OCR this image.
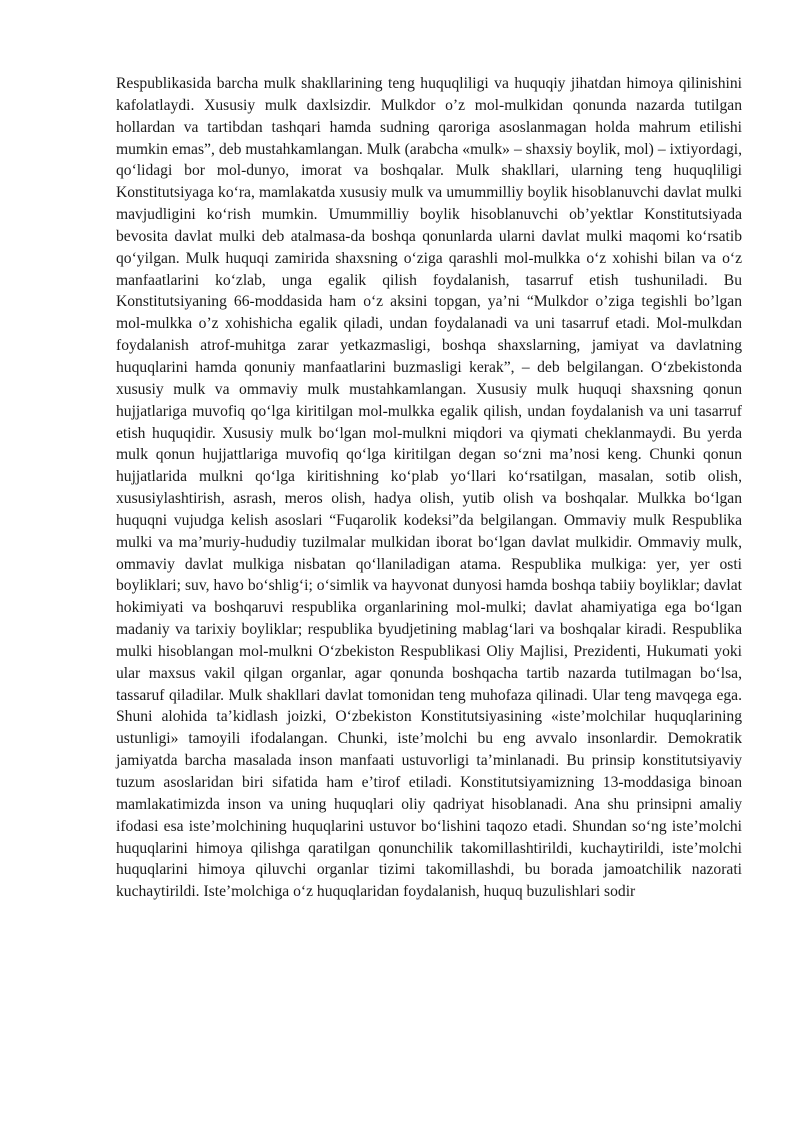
Respublikasida barcha mulk shakllarining teng huquqliligi va huquqiy jihatdan himoya qilinishini kafolatlaydi. Xususiy mulk daxlsizdir. Mulkdor o’z mol-mulkidan qonunda nazarda tutilgan hollardan va tartibdan tashqari hamda sudning qaroriga asoslanmagan holda mahrum etilishi mumkin emas”, deb mustahkamlangan. Mulk (arabcha «mulk» – shaxsiy boylik, mol) – ixtiyordagi, qo‘lidagi bor mol-dunyo, imorat va boshqalar. Mulk shakllari, ularning teng huquqliligi Konstitutsiyaga ko‘ra, mamlakatda xususiy mulk va umummilliy boylik hisoblanuvchi davlat mulki mavjudligini ko‘rish mumkin. Umummilliy boylik hisoblanuvchi ob’yektlar Konstitutsiyada bevosita davlat mulki deb atalmasa-da boshqa qonunlarda ularni davlat mulki maqomi ko‘rsatib qo‘yilgan. Mulk huquqi zamirida shaxsning o‘ziga qarashli mol-mulkka o‘z xohishi bilan va o‘z manfaatlarini ko‘zlab, unga egalik qilish foydalanish, tasarruf etish tushuniladi. Bu Konstitutsiyaning 66-moddasida ham o‘z aksini topgan, ya’ni “Mulkdor o’ziga tegishli bo’lgan mol-mulkka o’z xohishicha egalik qiladi, undan foydalanadi va uni tasarruf etadi. Mol-mulkdan foydalanish atrof-muhitga zarar yetkazmasligi, boshqa shaxslarning, jamiyat va davlatning huquqlarini hamda qonuniy manfaatlarini buzmasligi kerak”, – deb belgilangan. O‘zbekistonda xususiy mulk va ommaviy mulk mustahkamlangan. Xususiy mulk huquqi shaxsning qonun hujjatlariga muvofiq qo‘lga kiritilgan mol-mulkka egalik qilish, undan foydalanish va uni tasarruf etish huquqidir. Xususiy mulk bo‘lgan mol-mulkni miqdori va qiymati cheklanmaydi. Bu yerda mulk qonun hujjattlariga muvofiq qo‘lga kiritilgan degan so‘zni ma’nosi keng. Chunki qonun hujjatlarida mulkni qo‘lga kiritishning ko‘plab yo‘llari ko‘rsatilgan, masalan, sotib olish, xususiylashtirish, asrash, meros olish, hadya olish, yutib olish va boshqalar. Mulkka bo‘lgan huquqni vujudga kelish asoslari “Fuqarolik kodeksi”da belgilangan. Ommaviy mulk Respublika mulki va ma’muriy-hududiy tuzilmalar mulkidan iborat bo‘lgan davlat mulkidir. Ommaviy mulk, ommaviy davlat mulkiga nisbatan qo‘llaniladigan atama. Respublika mulkiga: yer, yer osti boyliklari; suv, havo bo‘shlig‘i; o‘simlik va hayvonat dunyosi hamda boshqa tabiiy boyliklar; davlat hokimiyati va boshqaruvi respublika organlarining mol-mulki; davlat ahamiyatiga ega bo‘lgan madaniy va tarixiy boyliklar; respublika byudjetining mablag‘lari va boshqalar kiradi. Respublika mulki hisoblangan mol-mulkni O‘zbekiston Respublikasi Oliy Majlisi, Prezidenti, Hukumati yoki ular maxsus vakil qilgan organlar, agar qonunda boshqacha tartib nazarda tutilmagan bo‘lsa, tassaruf qiladilar. Mulk shakllari davlat tomonidan teng muhofaza qilinadi. Ular teng mavqega ega. Shuni alohida ta’kidlash joizki, O‘zbekiston Konstitutsiyasining «iste’molchilar huquqlarining ustunligi» tamoyili ifodalangan. Chunki, iste’molchi bu eng avvalo insonlardir. Demokratik jamiyatda barcha masalada inson manfaati ustuvorligi ta’minlanadi. Bu prinsip konstitutsiyaviy tuzum asoslaridan biri sifatida ham e’tirof etiladi. Konstitutsiyamizning 13-moddasiga binoan mamlakatimizda inson va uning huquqlari oliy qadriyat hisoblanadi. Ana shu prinsipni amaliy ifodasi esa iste’molchining huquqlarini ustuvor bo‘lishini taqozo etadi. Shundan so‘ng iste’molchi huquqlarini himoya qilishga qaratilgan qonunchilik takomillashtirildi, kuchaytirildi, iste’molchi huquqlarini himoya qiluvchi organlar tizimi takomillashdi, bu borada jamoatchilik nazorati kuchaytirildi. Iste’molchiga o‘z huquqlaridan foydalanish, huquq buzulishlari sodir
